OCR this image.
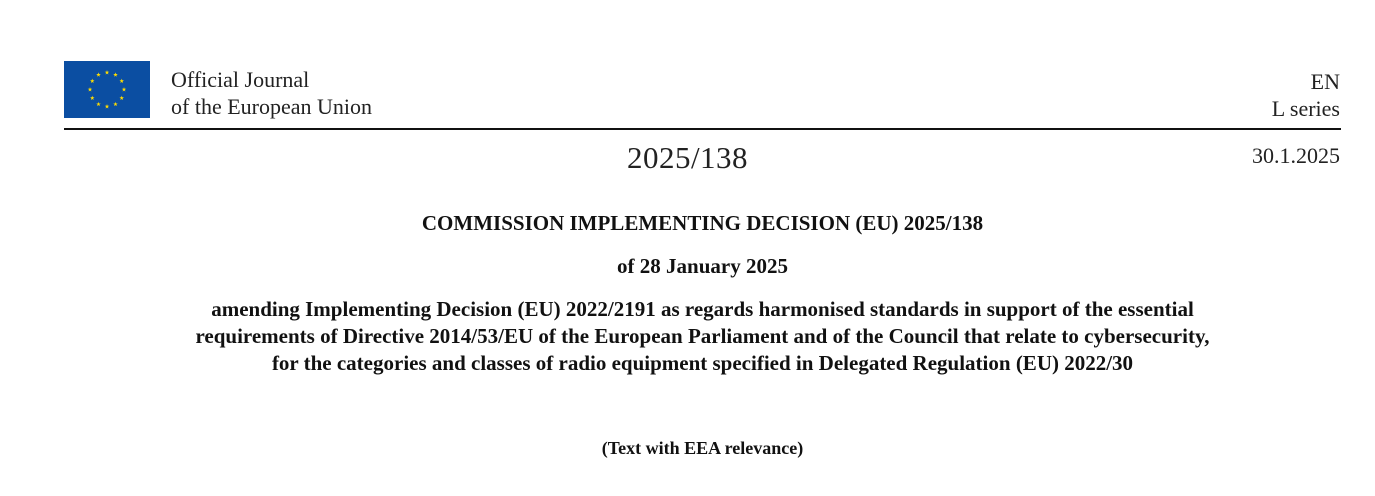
Official Journal
of the European Union
EN
L series
2025/138	30.1.2025
COMMISSION IMPLEMENTING DECISION (EU) 2025/138
of 28 January 2025
amending Implementing Decision (EU) 2022/2191 as regards harmonised standards in support of the essential requirements of Directive 2014/53/EU of the European Parliament and of the Council that relate to cybersecurity, for the categories and classes of radio equipment specified in Delegated Regulation (EU) 2022/30
(Text with EEA relevance)
